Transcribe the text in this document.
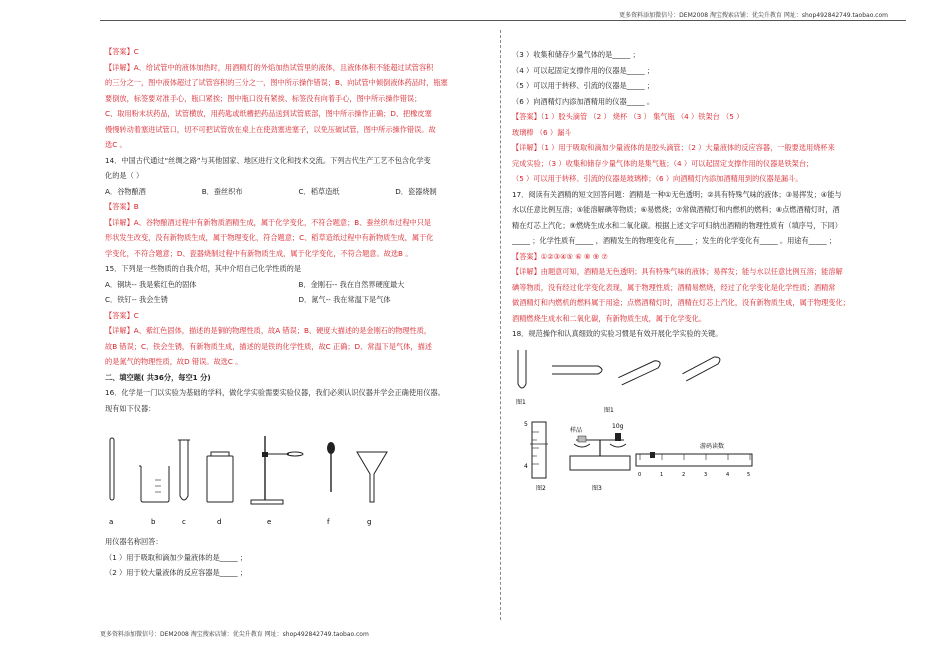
更多资料添加微信号：DEM2008 淘宝搜索店铺：优尖升教育 网址：shop492842749.taobao.com

【答案】C

【详解】A、给试管中的液体加热时，用酒精灯的外焰加热试管里的液体，且液体体积不能超过试管容积

的三分之一，图中液体超过了试管容积的三分之一，图中所示操作错误；B、向试管中倾倒液体药品时，瓶塞

要倒放，标签要对准手心，瓶口紧挨；图中瓶口没有紧挨、标签没有向着手心，图中所示操作错误；

C、取用粉末状药品，试管横放，用药匙或纸槽把药品送到试管底部，图中所示操作正确；D、把橡皮塞

慢慢转动着塞进试管口，切不可把试管放在桌上在使劲塞进塞子，以免压破试管，图中所示操作错误。故

选C 。

14．中国古代通过“丝绸之路”与其他国家、地区进行文化和技术交流。下列古代生产工艺不包含化学变

化的是（ ）

A．谷物酿酒	B．蚕丝织布	C．稻草造纸	D．瓷器烧制

【答案】B

【详解】A、谷物酿酒过程中有新物质酒精生成，属于化学变化，不符合题意；B、蚕丝织布过程中只是

形状发生改变，没有新物质生成，属于物理变化，符合题意；C、稻草造纸过程中有新物质生成，属于化

学变化，不符合题意；D、瓷器烧制过程中有新物质生成，属于化学变化，不符合题意。故选B 。

15．下列是一些物质的自我介绍，其中介绍自己化学性质的是

A．铜块-- 我是紫红色的固体	B．金刚石-- 我在自然界硬度最大
C．铁钉-- 我会生锈	D．氮气-- 我在常温下是气体

【答案】C

【详解】A、紫红色固体，描述的是铜的物理性质，故A 错误；B、硬度大描述的是金刚石的物理性质，

故B 错误；C、铁会生锈，有新物质生成，描述的是铁的化学性质，故C 正确；D、常温下是气体，描述

的是氮气的物理性质，故D 错误。故选C 。

二、填空题( 共36分，每空1 分)

16．化学是一门以实验为基础的学科，做化学实验需要实验仪器，我们必须认识仪器并学会正确使用仪器。

现有如下仪器：

a	b	c	d	e	f	g

用仪器名称回答：

（1 ）用于吸取和滴加少量液体的是_____ ；

（2 ）用于较大量液体的反应容器是_____ ；

（3 ）收集和储存少量气体的是_____ ；

（4 ）可以起固定支撑作用的仪器是_____ ；

（5 ）可以用于转移、引流的仪器是_____ ；

（6 ）向酒精灯内添加酒精用的仪器_____ 。

【答案】（1 ）胶头滴管 （2 ） 烧杯 （3 ） 集气瓶 （4 ）铁架台 （5 ）

玻璃棒 （6 ）漏斗

【详解】（1 ）用于吸取和滴加少量液体的是胶头滴管；（2 ）大量液体的反应容器，一般要选用烧杯来

完成实验；（3 ）收集和储存少量气体的是集气瓶；（4 ）可以起固定支撑作用的仪器是铁架台；

（5 ）可以用于转移、引流的仪器是玻璃棒；（6 ）向酒精灯内添加酒精用到的仪器是漏斗。

17．阅读有关酒精的短文回答问题：酒精是一种①无色透明；②具有特殊气味的液体；③易挥发；④能与

水以任意比例互溶；⑤能溶解碘等物质；⑥易燃烧；⑦常做酒精灯和内燃机的燃料；⑧点燃酒精灯时，酒

精在灯芯上汽化；⑨燃烧生成水和二氧化碳。根据上述文字可归纳出酒精的物理性质有（填序号，下同）

_____ ；化学性质有_____ ，酒精发生的物理变化有_____ ；发生的化学变化有_____ 。用途有_____ ；

【答案】①②③④⑤ ⑥ ⑧ ⑨ ⑦

【详解】由题意可知，酒精是无色透明；具有特殊气味的液体；易挥发；能与水以任意比例互溶；能溶解

碘等物质，没有经过化学变化表现，属于物理性质；酒精易燃烧，经过了化学变化是化学性质；酒精常

做酒精灯和内燃机的燃料属于用途；点燃酒精灯时，酒精在灯芯上汽化，没有新物质生成，属于物理变化；

酒精燃烧生成水和二氧化碳，有新物质生成，属于化学变化。

18．规范操作和认真细致的实验习惯是有效开展化学实验的关键。

图1
图1
5
4
图2
样品
10g
图3
游码读数
0	1	2	3	4	5
更多资料添加微信号：DEM2008 淘宝搜索店铺：优尖升教育 网址：shop492842749.taobao.com
